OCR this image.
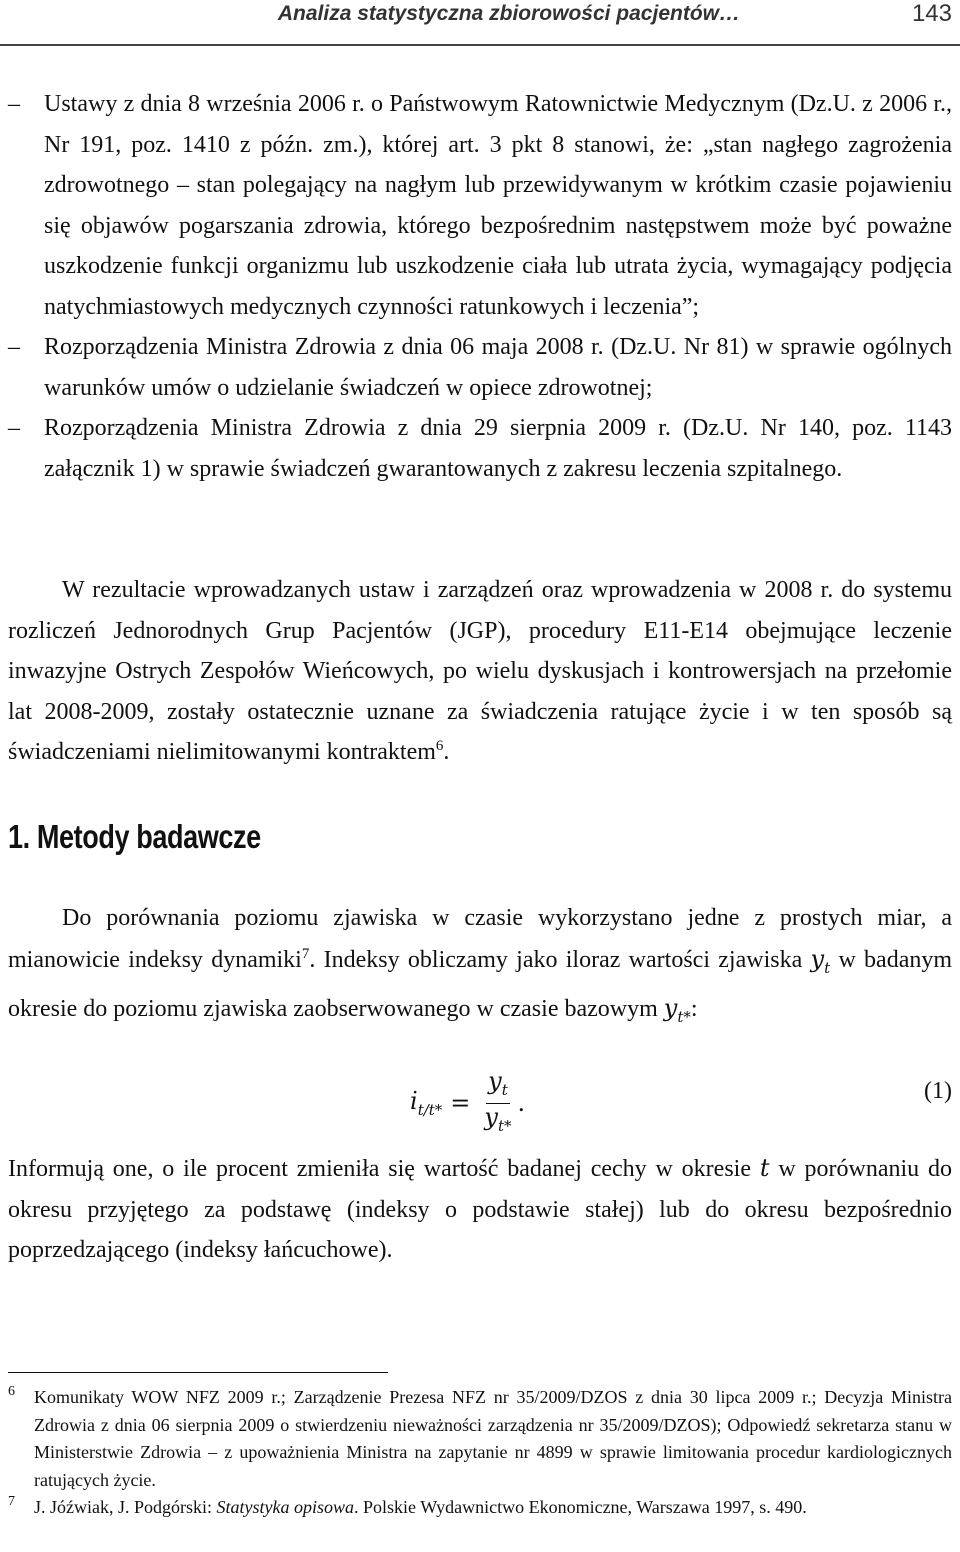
Analiza statystyczna zbiorowości pacjentów…	143
– Ustawy z dnia 8 września 2006 r. o Państwowym Ratownictwie Medycznym (Dz.U. z 2006 r., Nr 191, poz. 1410 z późn. zm.), której art. 3 pkt 8 stanowi, że: „stan nagłego zagrożenia zdrowotnego – stan polegający na nagłym lub przewidywanym w krótkim czasie pojawieniu się objawów pogarszania zdrowia, którego bezpośrednim następstwem może być poważne uszkodzenie funkcji organizmu lub uszkodzenie ciała lub utrata życia, wymagający podjęcia natychmiastowych medycznych czynności ratunkowych i leczenia”;
– Rozporządzenia Ministra Zdrowia z dnia 06 maja 2008 r. (Dz.U. Nr 81) w sprawie ogólnych warunków umów o udzielanie świadczeń w opiece zdrowotnej;
– Rozporządzenia Ministra Zdrowia z dnia 29 sierpnia 2009 r. (Dz.U. Nr 140, poz. 1143 załącznik 1) w sprawie świadczeń gwarantowanych z zakresu leczenia szpitalnego.
W rezultacie wprowadzanych ustaw i zarządzeń oraz wprowadzenia w 2008 r. do systemu rozliczeń Jednorodnych Grup Pacjentów (JGP), procedury E11-E14 obejmujące leczenie inwazyjne Ostrych Zespołów Wieńcowych, po wielu dyskusjach i kontrowersjach na przełomie lat 2008-2009, zostały ostatecznie uznane za świadczenia ratujące życie i w ten sposób są świadczeniami nielimitowanymi kontraktem$^6$.
1. Metody badawcze
Do porównania poziomu zjawiska w czasie wykorzystano jedne z prostych miar, a mianowicie indeksy dynamiki$^7$. Indeksy obliczamy jako iloraz wartości zjawiska $y_t$ w badanym okresie do poziomu zjawiska zaobserwowanego w czasie bazowym $y_{t*}$:
$i_{t/t*} = \frac{y_t}{y_{t*}}$ .	(1)
Informują one, o ile procent zmieniła się wartość badanej cechy w okresie t w porównaniu do okresu przyjętego za podstawę (indeksy o podstawie stałej) lub do okresu bezpośrednio poprzedzającego (indeksy łańcuchowe).
6 Komunikaty WOW NFZ 2009 r.; Zarządzenie Prezesa NFZ nr 35/2009/DZOS z dnia 30 lipca 2009 r.; Decyzja Ministra Zdrowia z dnia 06 sierpnia 2009 o stwierdzeniu nieważności zarządzenia nr 35/2009/DZOS); Odpowiedź sekretarza stanu w Ministerstwie Zdrowia – z upoważnienia Ministra na zapytanie nr 4899 w sprawie limitowania procedur kardiologicznych ratujących życie.
7 J. Jóźwiak, J. Podgórski: Statystyka opisowa. Polskie Wydawnictwo Ekonomiczne, Warszawa 1997, s. 490.
